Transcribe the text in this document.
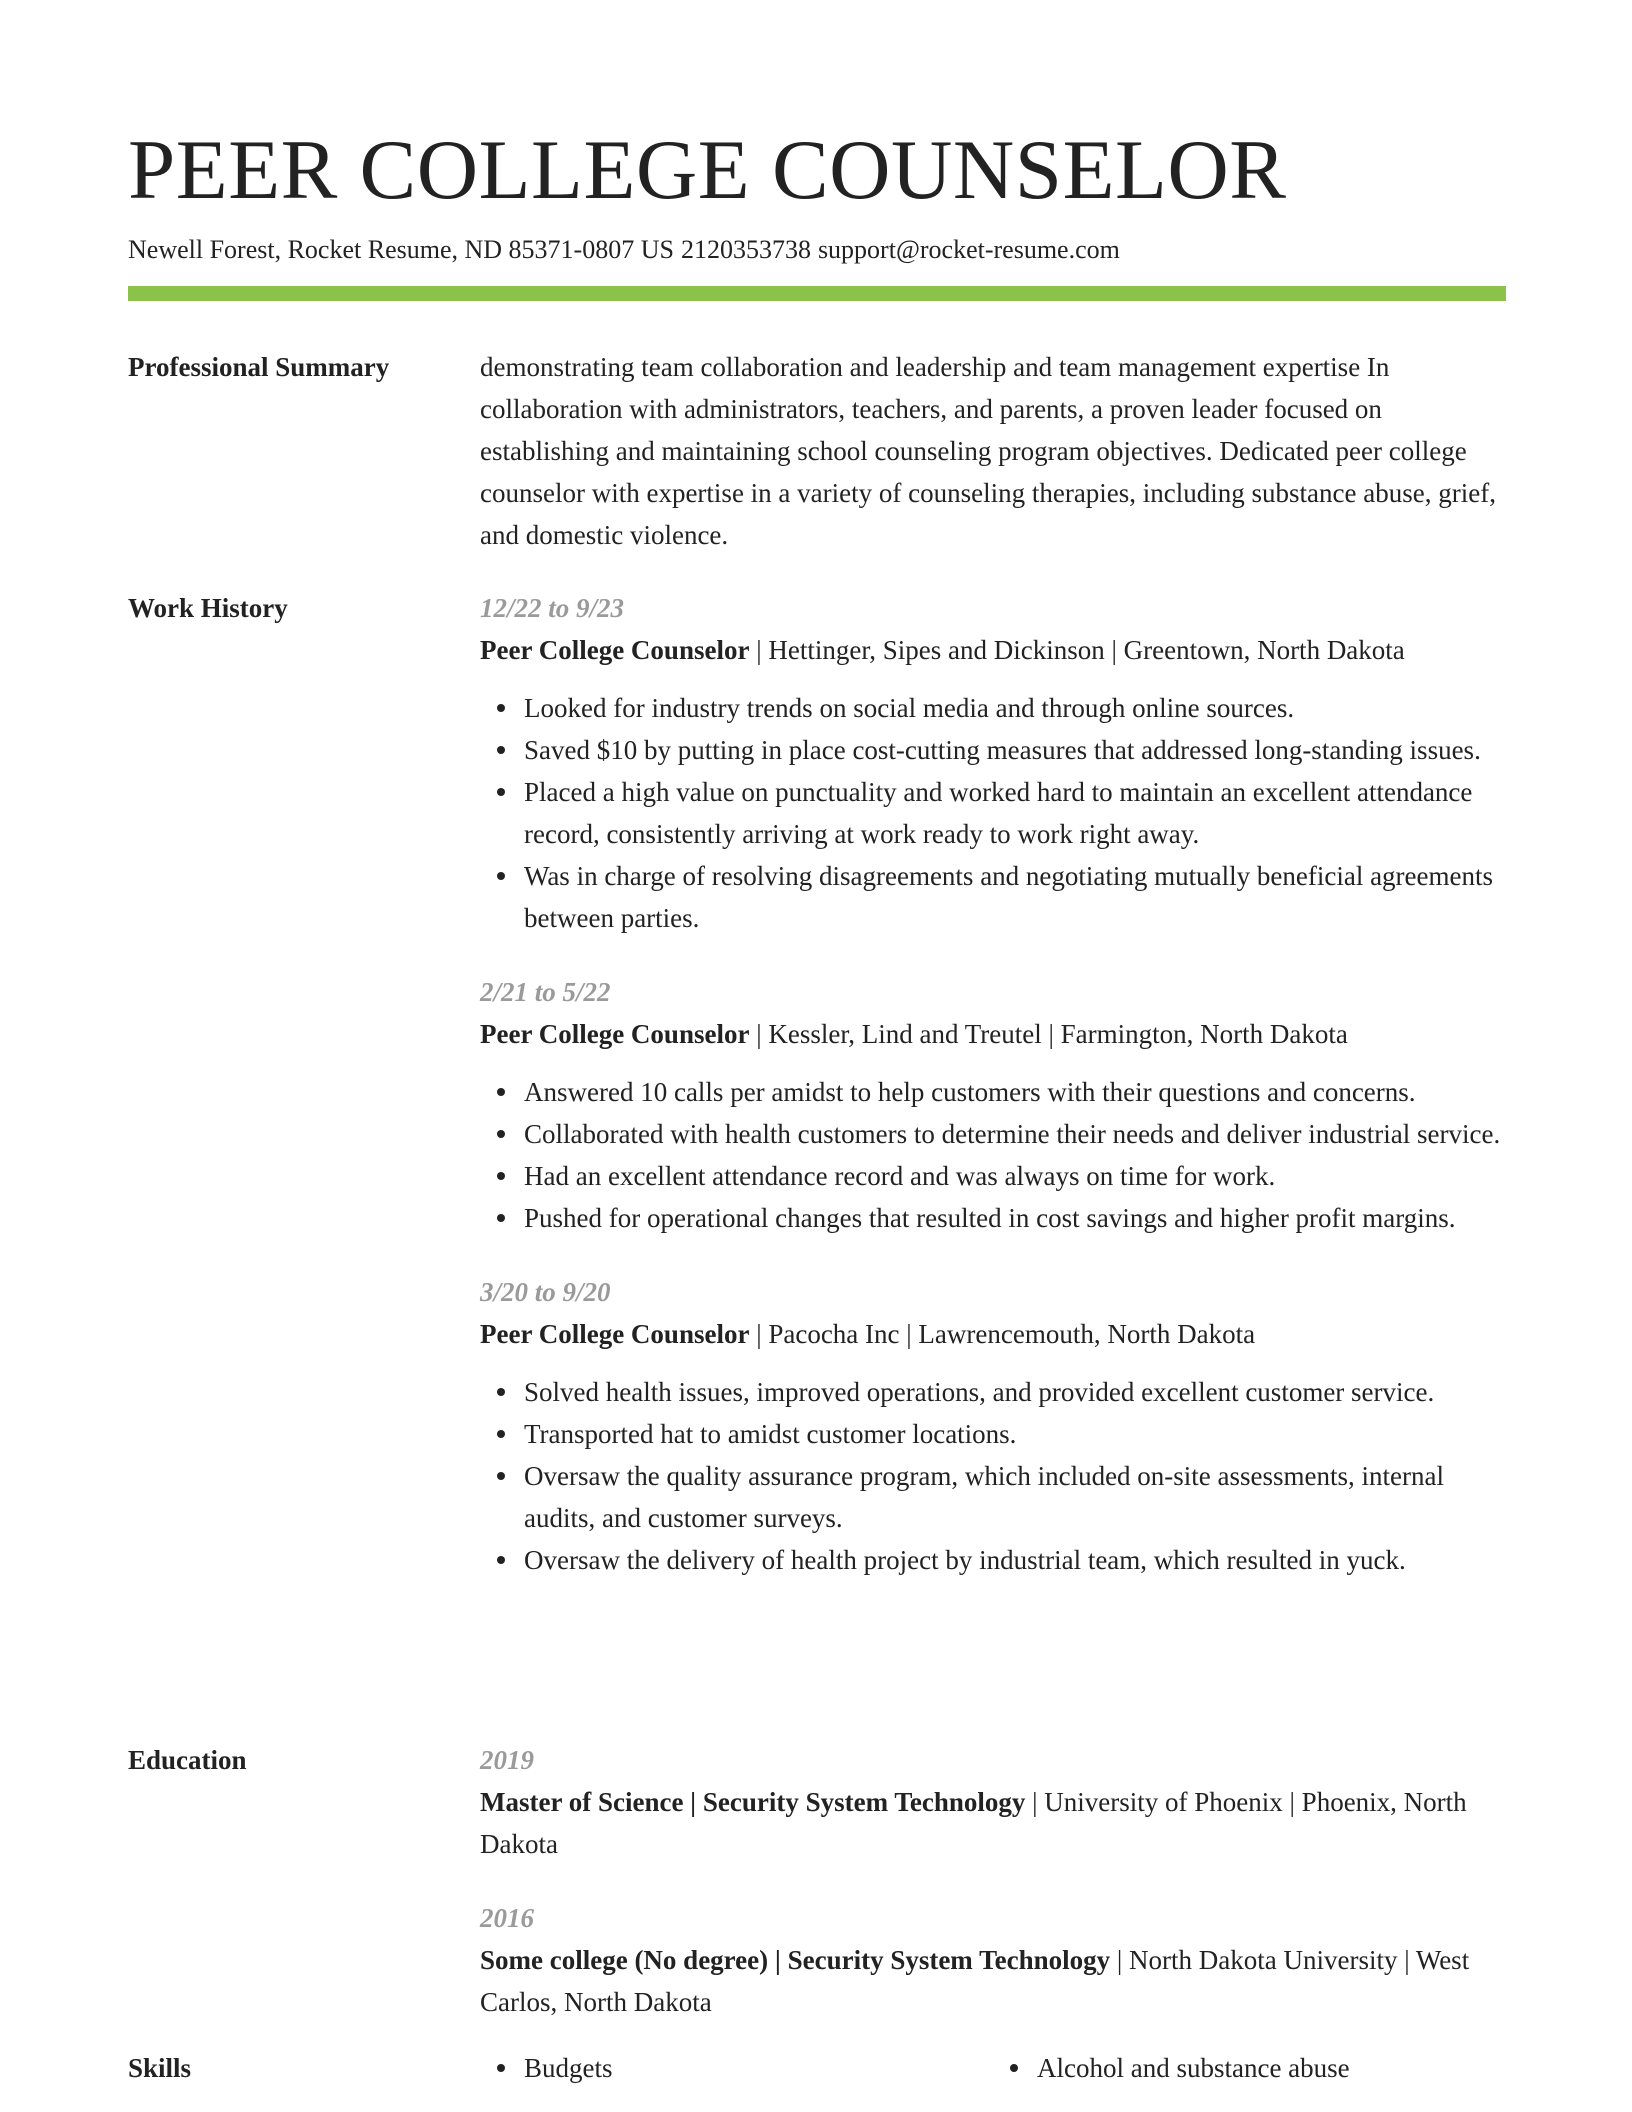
PEER COLLEGE COUNSELOR

Newell Forest, Rocket Resume, ND 85371-0807 US 2120353738 support@rocket-resume.com

Professional Summary	demonstrating team collaboration and leadership and team management expertise In collaboration with administrators, teachers, and parents, a proven leader focused on establishing and maintaining school counseling program objectives. Dedicated peer college counselor with expertise in a variety of counseling therapies, including substance abuse, grief, and domestic violence.

Work History	12/22 to 9/23

Peer College Counselor | Hettinger, Sipes and Dickinson | Greentown, North Dakota

Looked for industry trends on social media and through online sources.
Saved $10 by putting in place cost-cutting measures that addressed long-standing issues.
Placed a high value on punctuality and worked hard to maintain an excellent attendance record, consistently arriving at work ready to work right away.
Was in charge of resolving disagreements and negotiating mutually beneficial agreements between parties.

2/21 to 5/22

Peer College Counselor | Kessler, Lind and Treutel | Farmington, North Dakota

Answered 10 calls per amidst to help customers with their questions and concerns.
Collaborated with health customers to determine their needs and deliver industrial service.
Had an excellent attendance record and was always on time for work.
Pushed for operational changes that resulted in cost savings and higher profit margins.

3/20 to 9/20

Peer College Counselor | Pacocha Inc | Lawrencemouth, North Dakota

Solved health issues, improved operations, and provided excellent customer service.
Transported hat to amidst customer locations.
Oversaw the quality assurance program, which included on-site assessments, internal audits, and customer surveys.
Oversaw the delivery of health project by industrial team, which resulted in yuck.
Education	2019

Master of Science | Security System Technology | University of Phoenix | Phoenix, North Dakota

2016

Some college (No degree) | Security System Technology | North Dakota University | West Carlos, North Dakota

Skills	Budgets	Alcohol and substance abuse
